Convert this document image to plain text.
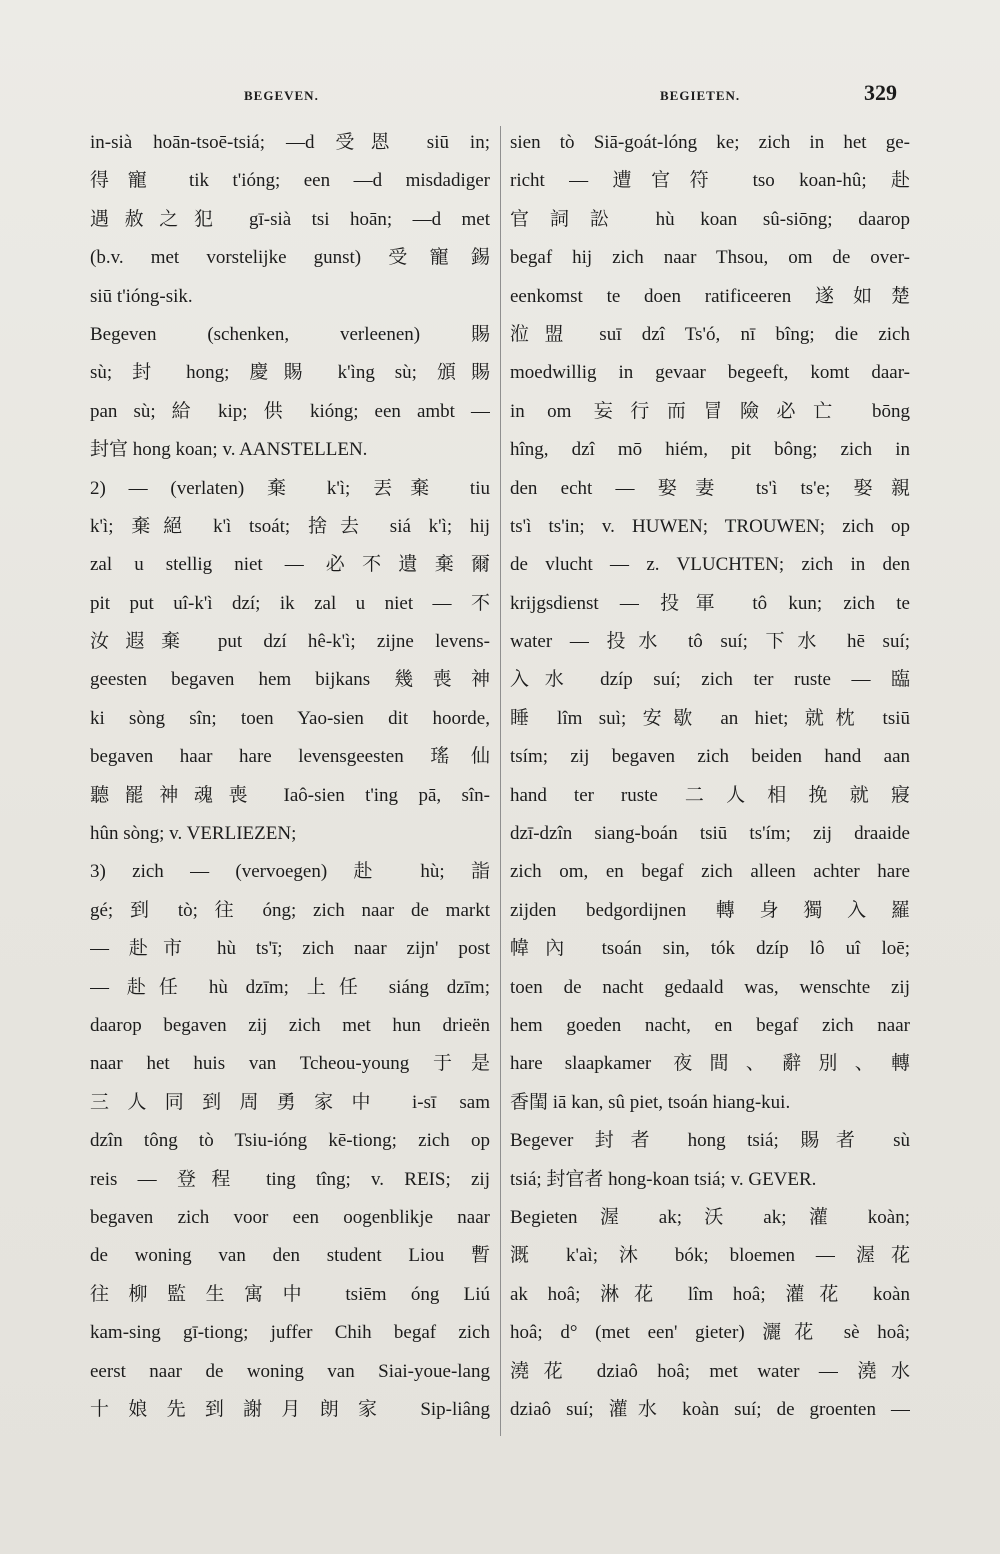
BEGEVEN.	BEGIETEN.	329
in-sià hoān-tsoē-tsiá; —d 受恩 siū in;
得寵 tik t'ióng; een —d misdadiger
遇赦之犯 gī-sià tsi hoān; —d met
(b.v. met vorstelijke gunst) 受寵錫
siū t'ióng-sik.
Begeven (schenken, verleenen) 賜
sù; 封 hong; 慶賜 k'ìng sù; 頒賜
pan sù; 給 kip; 供 kióng; een ambt —
封官 hong koan; v. AANSTELLEN.
2) — (verlaten) 棄 k'ì; 丟棄 tiu
k'ì; 棄絕 k'ì tsoát; 捨去 siá k'ì; hij
zal u stellig niet — 必不遺棄爾
pit put uî-k'ì dzí; ik zal u niet — 不
汝遐棄 put dzí hê-k'ì; zijne levens-
geesten begaven hem bijkans 幾喪神
ki sòng sîn; toen Yao-sien dit hoorde,
begaven haar hare levensgeesten 瑤仙
聽罷神魂喪 Iaô-sien t'ing pā, sîn-
hûn sòng; v. VERLIEZEN;
3) zich — (vervoegen) 赴 hù; 詣
gé; 到 tò; 往 óng; zich naar de markt
— 赴市 hù ts'ī; zich naar zijn' post
— 赴任 hù dzīm; 上任 siáng dzīm;
daarop begaven zij zich met hun drieën
naar het huis van Tcheou-young 于是
三人同到周勇家中 i-sī sam
dzîn tông tò Tsiu-ióng kē-tiong; zich op
reis — 登程 ting tîng; v. REIS; zij
begaven zich voor een oogenblikje naar
de woning van den student Liou 暫
往柳監生寓中 tsiēm óng Liú
kam-sing gī-tiong; juffer Chih begaf zich
eerst naar de woning van Siai-youe-lang
十娘先到謝月朗家 Sip-liâng
sien tò Siā-goát-lóng ke; zich in het ge-
richt — 遭官符 tso koan-hû; 赴
官詞訟 hù koan sû-siōng; daarop
begaf hij zich naar Thsou, om de over-
eenkomst te doen ratificeeren 遂如楚
涖盟 suī dzî Ts'ó, nī bîng; die zich
moedwillig in gevaar begeeft, komt daar-
in om 妄行而冒險必亡 bōng
hîng, dzî mō hiém, pit bông; zich in
den echt — 娶妻 ts'ì ts'e; 娶親
ts'ì ts'in; v. HUWEN; TROUWEN; zich op
de vlucht — z. VLUCHTEN; zich in den
krijgsdienst — 投軍 tô kun; zich te
water — 投水 tô suí; 下水 hē suí;
入水 dzíp suí; zich ter ruste — 臨
睡 lîm suì; 安歇 an hiet; 就枕 tsiū
tsím; zij begaven zich beiden hand aan
hand ter ruste 二人相挽就寢
dzī-dzîn siang-boán tsiū ts'ím; zij draaide
zich om, en begaf zich alleen achter hare
zijden bedgordijnen 轉身獨入羅
幃內 tsoán sin, tók dzíp lô uî loē;
toen de nacht gedaald was, wenschte zij
hem goeden nacht, en begaf zich naar
hare slaapkamer 夜間、辭別、轉
香閨 iā kan, sû piet, tsoán hiang-kui.
Begever 封者 hong tsiá; 賜者 sù
tsiá; 封官者 hong-koan tsiá; v. GEVER.
Begieten 渥 ak; 沃 ak; 灌 koàn;
溉 k'aì; 沐 bók; bloemen — 渥花
ak hoâ; 淋花 lîm hoâ; 灌花 koàn
hoâ; d° (met een' gieter) 灑花 sè hoâ;
澆花 dziaô hoâ; met water — 澆水
dziaô suí; 灌水 koàn suí; de groenten —
